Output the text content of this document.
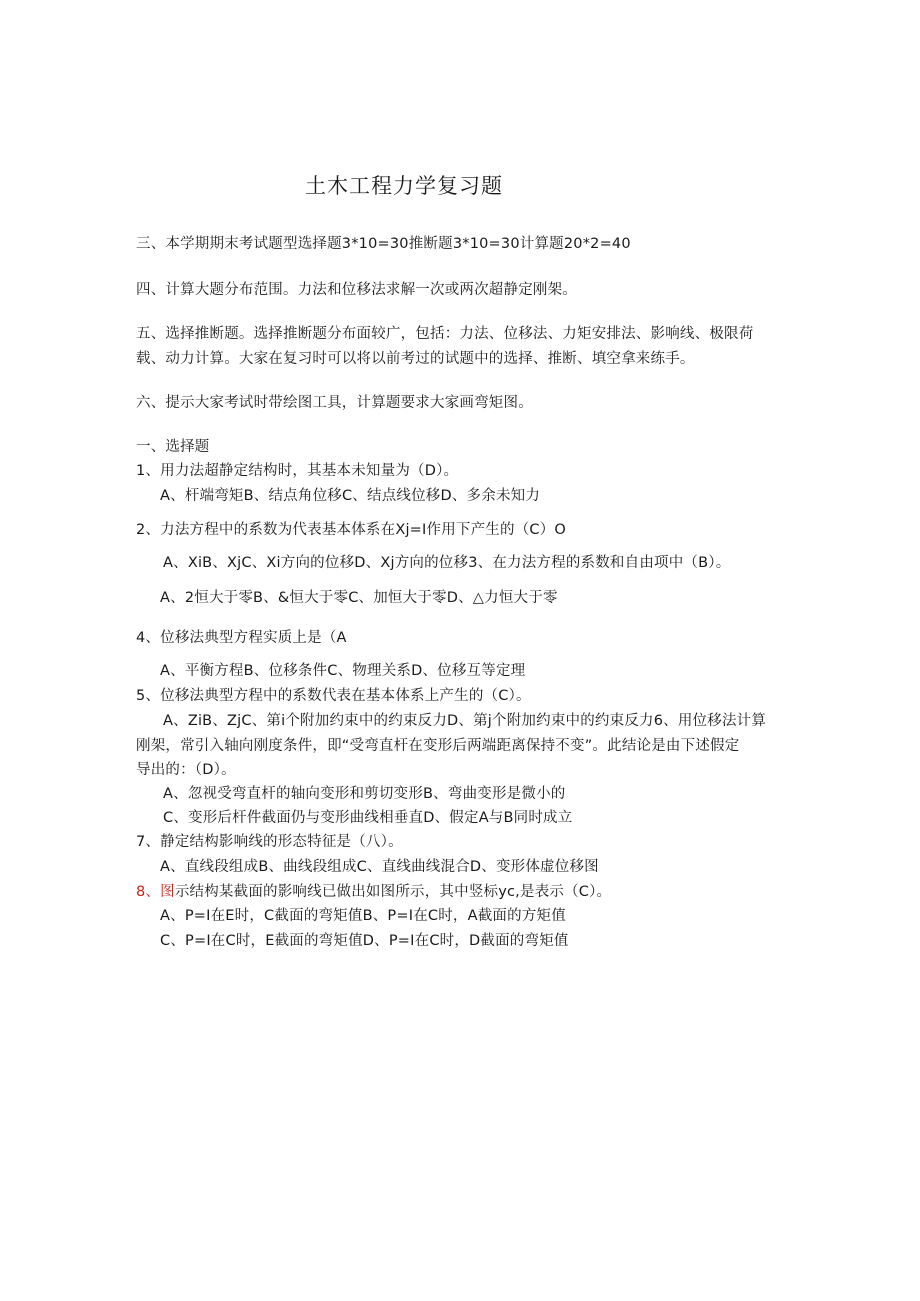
土木工程力学复习题
三、本学期期末考试题型选择题3*10=30推断题3*10=30计算题20*2=40
四、计算大题分布范围。力法和位移法求解一次或两次超静定刚架。
五、选择推断题。选择推断题分布面较广，包括：力法、位移法、力矩安排法、影响线、极限荷
载、动力计算。大家在复习时可以将以前考过的试题中的选择、推断、填空拿来练手。
六、提示大家考试时带绘图工具，计算题要求大家画弯矩图。
一、选择题
1、用力法超静定结构时，其基本未知量为（D）。
A、杆端弯矩B、结点角位移C、结点线位移D、多余未知力
2、力法方程中的系数为代表基本体系在Xj=I作用下产生的（C）O
A、XiB、XjC、Xi方向的位移D、Xj方向的位移3、在力法方程的系数和自由项中（B）。
A、2恒大于零B、&恒大于零C、加恒大于零D、△力恒大于零
4、位移法典型方程实质上是（A
A、平衡方程B、位移条件C、物理关系D、位移互等定理
5、位移法典型方程中的系数代表在基本体系上产生的（C）。
A、ZiB、ZjC、第i个附加约束中的约束反力D、第j个附加约束中的约束反力6、用位移法计算
刚架，常引入轴向刚度条件，即“受弯直杆在变形后两端距离保持不变”。此结论是由下述假定
导出的：（D）。
A、忽视受弯直杆的轴向变形和剪切变形B、弯曲变形是微小的
C、变形后杆件截面仍与变形曲线相垂直D、假定A与B同时成立
7、静定结构影响线的形态特征是（八）。
A、直线段组成B、曲线段组成C、直线曲线混合D、变形体虚位移图
8、图示结构某截面的影响线已做出如图所示，其中竖标yc,是表示（C）。
A、P=I在E时，C截面的弯矩值B、P=I在C时，A截面的方矩值
C、P=I在C时，E截面的弯矩值D、P=I在C时，D截面的弯矩值
